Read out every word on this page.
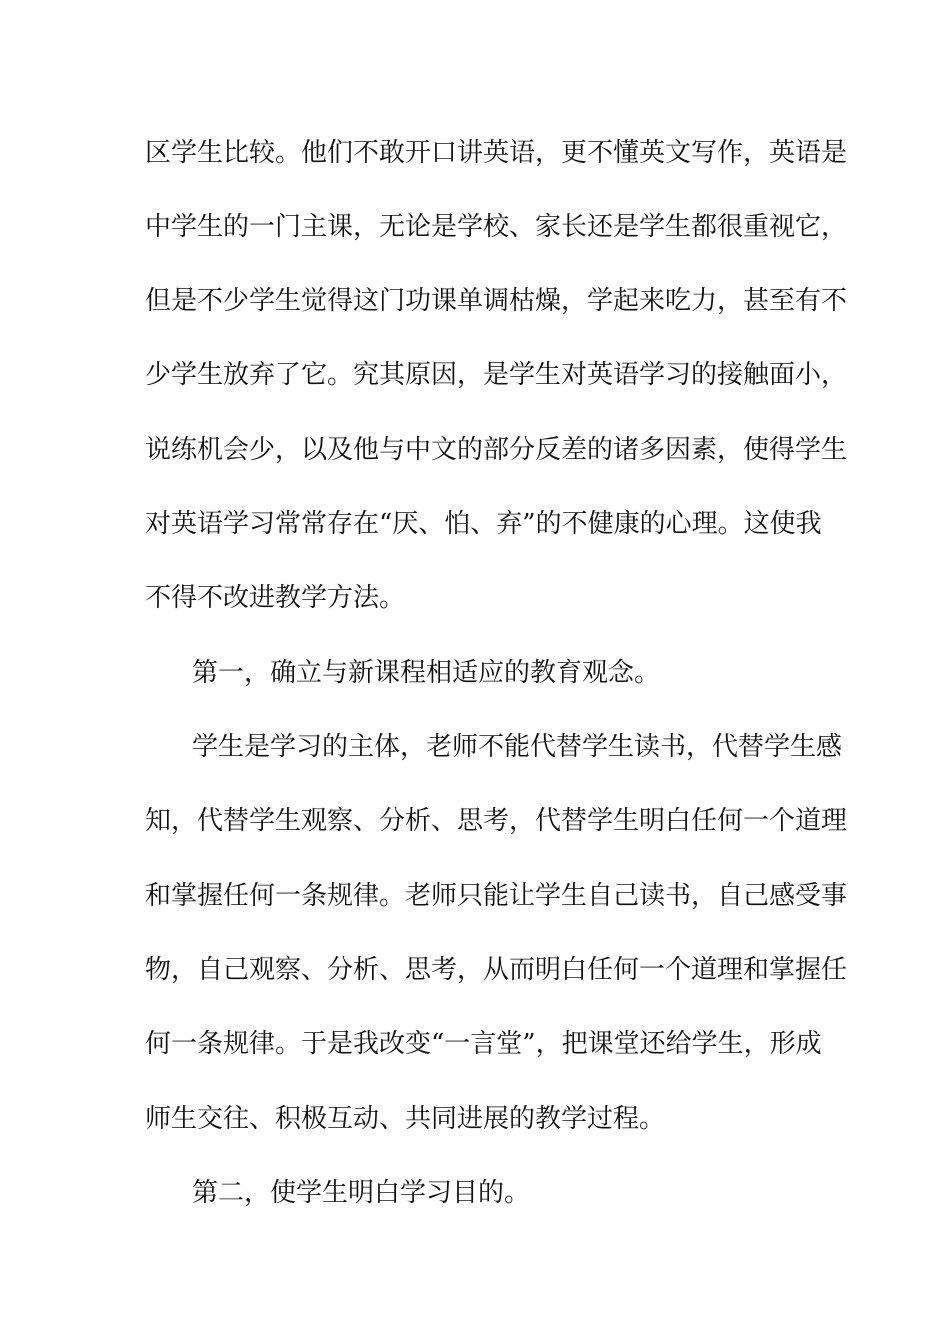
区学生比较。他们不敢开口讲英语，更不懂英文写作，英语是

中学生的一门主课，无论是学校、家长还是学生都很重视它，

但是不少学生觉得这门功课单调枯燥，学起来吃力，甚至有不

少学生放弃了它。究其原因，是学生对英语学习的接触面小，

说练机会少，以及他与中文的部分反差的诸多因素，使得学生

对英语学习常常存在“厌、怕、弃”的不健康的心理。这使我

不得不改进教学方法。

第一，确立与新课程相适应的教育观念。

学生是学习的主体，老师不能代替学生读书，代替学生感

知，代替学生观察、分析、思考，代替学生明白任何一个道理

和掌握任何一条规律。老师只能让学生自己读书，自己感受事

物，自己观察、分析、思考，从而明白任何一个道理和掌握任

何一条规律。于是我改变“一言堂”，把课堂还给学生，形成

师生交往、积极互动、共同进展的教学过程。

第二，使学生明白学习目的。
